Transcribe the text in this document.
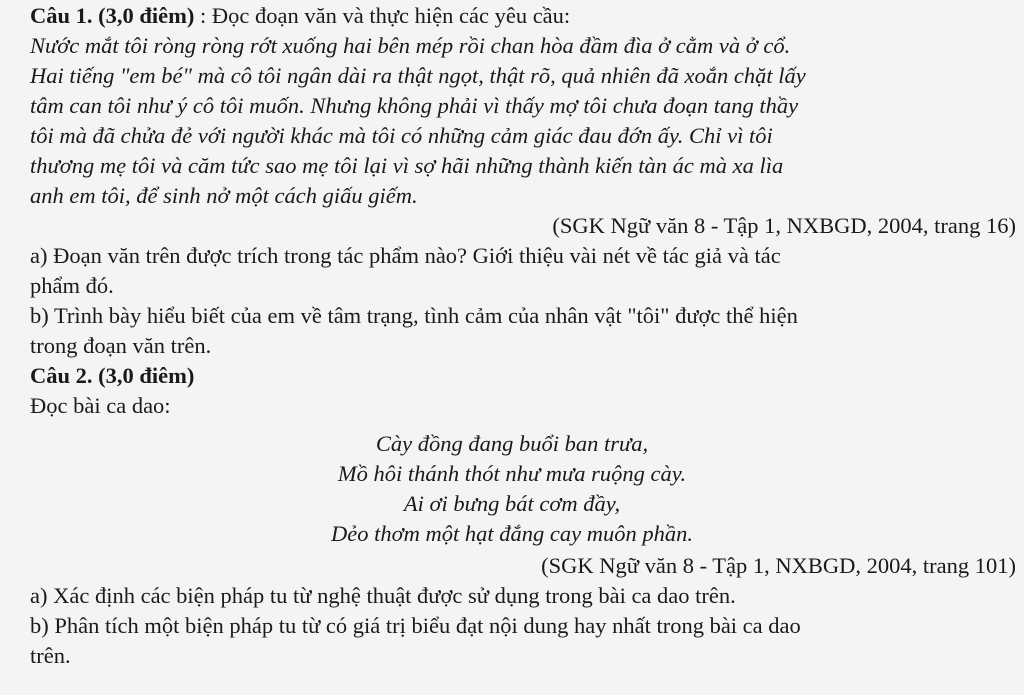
Câu 1. (3,0 điêm) : Đọc đoạn văn và thực hiện các yêu cầu:
Nước mắt tôi ròng ròng rớt xuống hai bên mép rồi chan hòa đầm đìa ở cằm và ở cổ.
Hai tiếng "em bé" mà cô tôi ngân dài ra thật ngọt, thật rõ, quả nhiên đã xoắn chặt lấy
tâm can tôi như ý cô tôi muốn. Nhưng không phải vì thấy mợ tôi chưa đoạn tang thầy
tôi mà đã chửa đẻ với người khác mà tôi có những cảm giác đau đớn ấy. Chỉ vì tôi
thương mẹ tôi và căm tức sao mẹ tôi lại vì sợ hãi những thành kiến tàn ác mà xa lìa
anh em tôi, để sinh nở một cách giấu giếm.
(SGK Ngữ văn 8 - Tập 1, NXBGD, 2004, trang 16)
a) Đoạn văn trên được trích trong tác phẩm nào? Giới thiệu vài nét về tác giả và tác
phẩm đó.
b) Trình bày hiểu biết của em về tâm trạng, tình cảm của nhân vật "tôi" được thể hiện
trong đoạn văn trên.
Câu 2. (3,0 điêm)
Đọc bài ca dao:
Cày đồng đang buổi ban trưa,
Mồ hôi thánh thót như mưa ruộng cày.
Ai ơi bưng bát cơm đầy,
Dẻo thơm một hạt đắng cay muôn phần.
(SGK Ngữ văn 8 - Tập 1, NXBGD, 2004, trang 101)
a) Xác định các biện pháp tu từ nghệ thuật được sử dụng trong bài ca dao trên.
b) Phân tích một biện pháp tu từ có giá trị biểu đạt nội dung hay nhất trong bài ca dao
trên.
